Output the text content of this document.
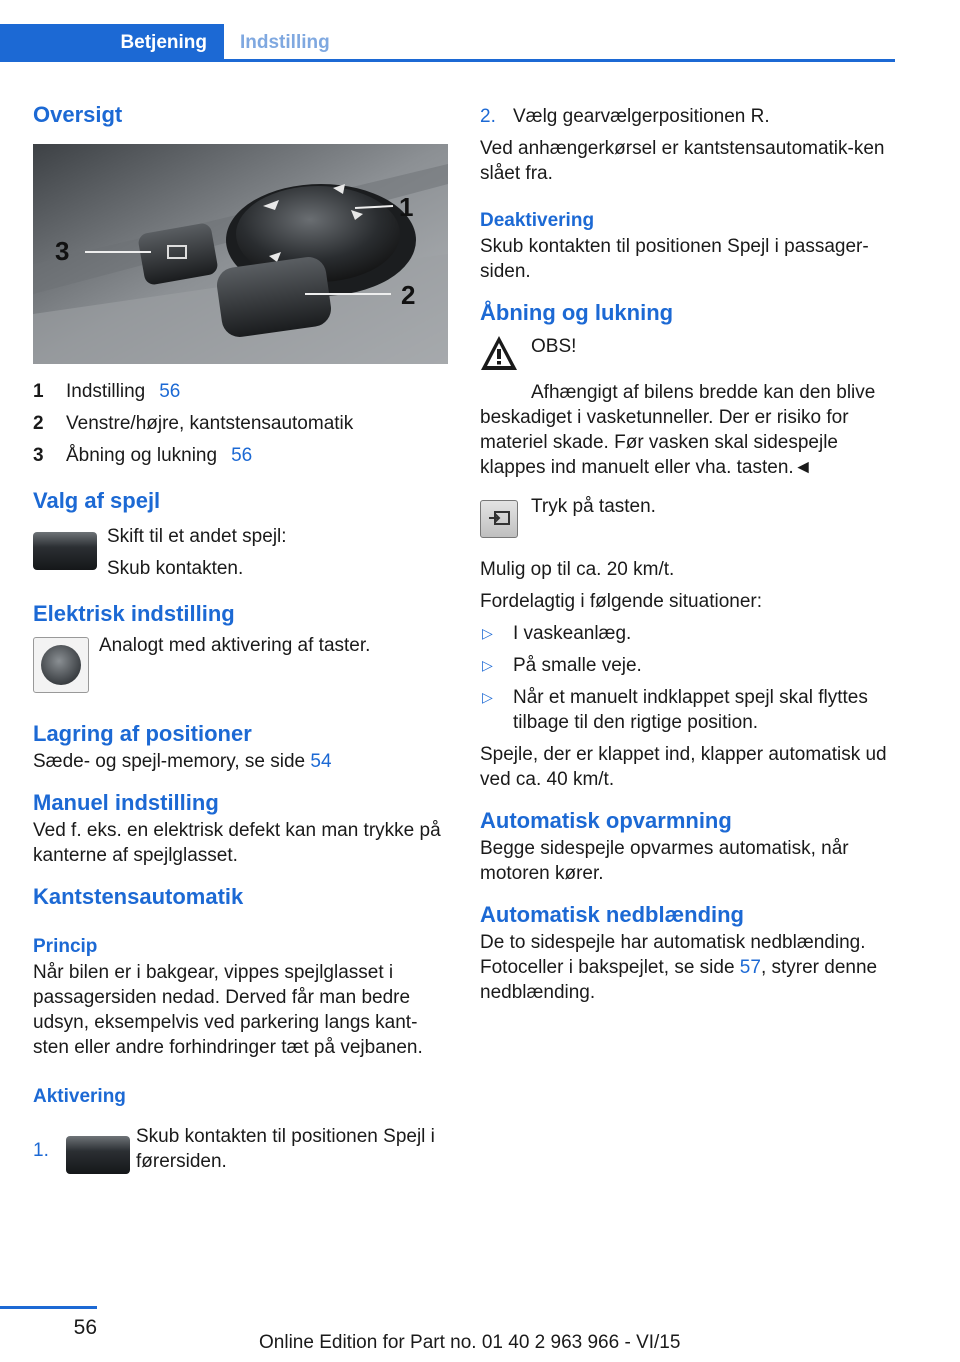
Betjening	Indstilling
Oversigt
3
1
2
1	Indstilling 56
2	Venstre/højre, kantstensautomatik
3	Åbning og lukning 56
Valg af spejl

Skift til et andet spejl:

Skub kontakten.

Elektrisk indstilling

Analogt med aktivering af taster.

Lagring af positioner

Sæde- og spejl-memory, se side 54

Manuel indstilling

Ved f. eks. en elektrisk defekt kan man trykke på kanterne af spejlglasset.

Kantstensautomatik
Princip

Når bilen er i bakgear, vippes spejlglasset i passagersiden nedad. Derved får man bedre udsyn, eksempelvis ved parkering langs kant-sten eller andre forhindringer tæt på vejbanen.

Aktivering
1.
Skub kontakten til positionen Spejl i førersiden.
2. Vælg gearvælgerpositionen R.

Ved anhængerkørsel er kantstensautomatik-ken slået fra.

Deaktivering

Skub kontakten til positionen Spejl i passager-siden.

Åbning og lukning

OBS!

Afhængigt af bilens bredde kan den blive beskadiget i vasketunneller. Der er risiko for materiel skade. Før vasken skal sidespejle klappes ind manuelt eller vha. tasten.◄

Tryk på tasten.

Mulig op til ca. 20 km/t.

Fordelagtig i følgende situationer:

▷	I vaskeanlæg.
▷	På smalle veje.
▷	Når et manuelt indklappet spejl skal flyttes tilbage til den rigtige position.

Spejle, der er klappet ind, klapper automatisk ud ved ca. 40 km/t.

Automatisk opvarmning

Begge sidespejle opvarmes automatisk, når motoren kører.

Automatisk nedblænding

De to sidespejle har automatisk nedblænding. Fotoceller i bakspejlet, se side 57, styrer denne nedblænding.

56
Online Edition for Part no. 01 40 2 963 966 - VI/15
